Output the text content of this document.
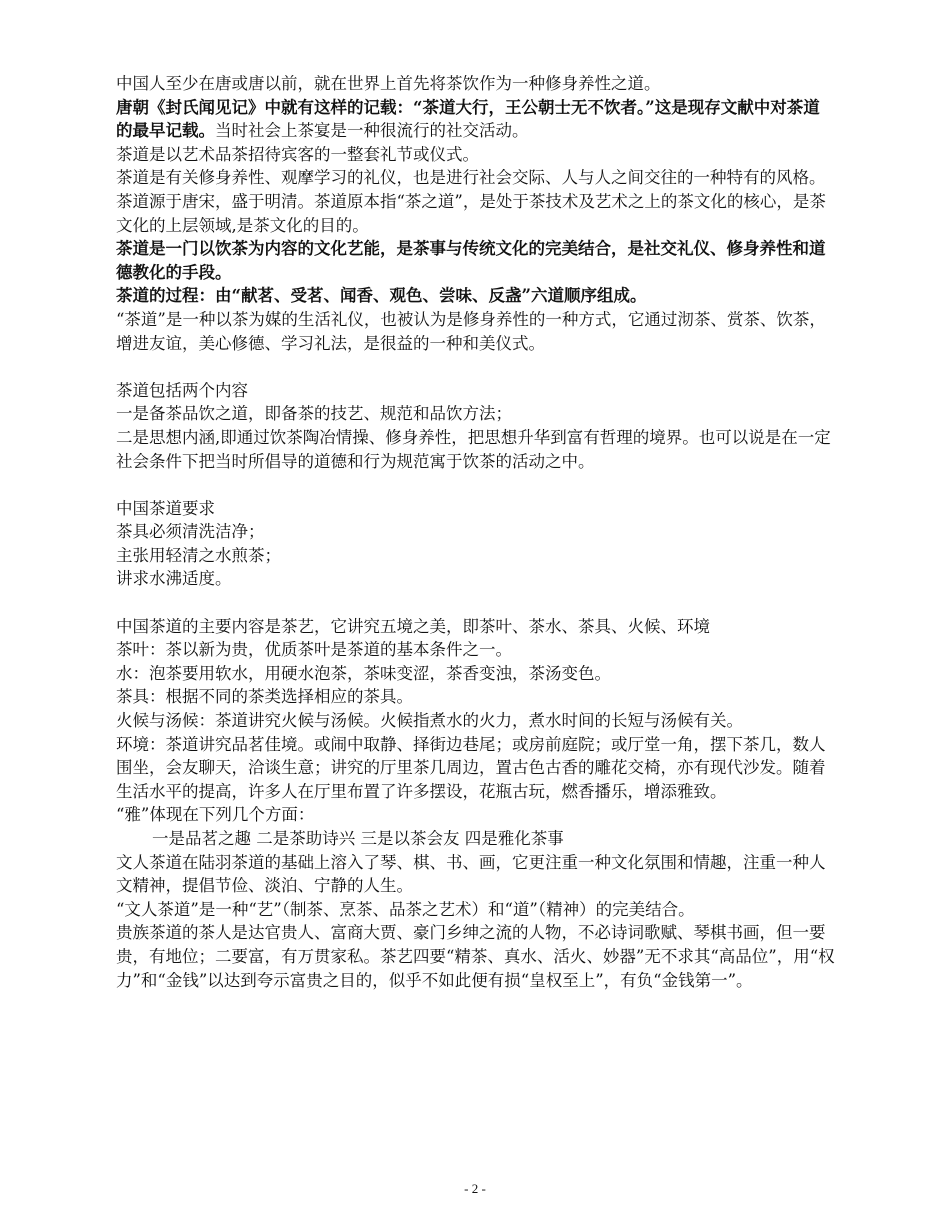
中国人至少在唐或唐以前，就在世界上首先将茶饮作为一种修身养性之道。

唐朝《封氏闻见记》中就有这样的记载：“茶道大行，王公朝士无不饮者。”这是现存文献中对茶道的最早记载。当时社会上茶宴是一种很流行的社交活动。

茶道是以艺术品茶招待宾客的一整套礼节或仪式。

茶道是有关修身养性、观摩学习的礼仪，也是进行社会交际、人与人之间交往的一种特有的风格。

茶道源于唐宋，盛于明清。茶道原本指“茶之道”，是处于茶技术及艺术之上的茶文化的核心，是茶文化的上层领域,是茶文化的目的。

茶道是一门以饮茶为内容的文化艺能，是茶事与传统文化的完美结合，是社交礼仪、修身养性和道德教化的手段。

茶道的过程：由“献茗、受茗、闻香、观色、尝味、反盏”六道顺序组成。

“茶道”是一种以茶为媒的生活礼仪，也被认为是修身养性的一种方式，它通过沏茶、赏茶、饮茶，增进友谊，美心修德、学习礼法，是很益的一种和美仪式。

茶道包括两个内容

一是备茶品饮之道，即备茶的技艺、规范和品饮方法；

二是思想内涵,即通过饮茶陶冶情操、修身养性，把思想升华到富有哲理的境界。也可以说是在一定社会条件下把当时所倡导的道德和行为规范寓于饮茶的活动之中。

中国茶道要求

茶具必须清洗洁净；

主张用轻清之水煎茶；

讲求水沸适度。

中国茶道的主要内容是茶艺，它讲究五境之美，即茶叶、茶水、茶具、火候、环境

茶叶：茶以新为贵，优质茶叶是茶道的基本条件之一。

水：泡茶要用软水，用硬水泡茶，茶味变涩，茶香变浊，茶汤变色。

茶具：根据不同的茶类选择相应的茶具。

火候与汤候：茶道讲究火候与汤候。火候指煮水的火力，煮水时间的长短与汤候有关。

环境：茶道讲究品茗佳境。或闹中取静、择街边巷尾；或房前庭院；或厅堂一角，摆下茶几，数人围坐，会友聊天，洽谈生意；讲究的厅里茶几周边，置古色古香的雕花交椅，亦有现代沙发。随着生活水平的提高，许多人在厅里布置了许多摆设，花瓶古玩，燃香播乐，增添雅致。

“雅”体现在下列几个方面：

一是品茗之趣 二是茶助诗兴 三是以茶会友 四是雅化茶事

文人茶道在陆羽茶道的基础上溶入了琴、棋、书、画，它更注重一种文化氛围和情趣，注重一种人文精神，提倡节俭、淡泊、宁静的人生。

“文人茶道”是一种“艺”（制茶、烹茶、品茶之艺术）和“道”（精神）的完美结合。

贵族茶道的茶人是达官贵人、富商大贾、豪门乡绅之流的人物，不必诗词歌赋、琴棋书画，但一要贵，有地位；二要富，有万贯家私。茶艺四要“精茶、真水、活火、妙器”无不求其“高品位”，用“权力”和“金钱”以达到夸示富贵之目的，似乎不如此便有损“皇权至上”，有负“金钱第一”。

- 2 -
